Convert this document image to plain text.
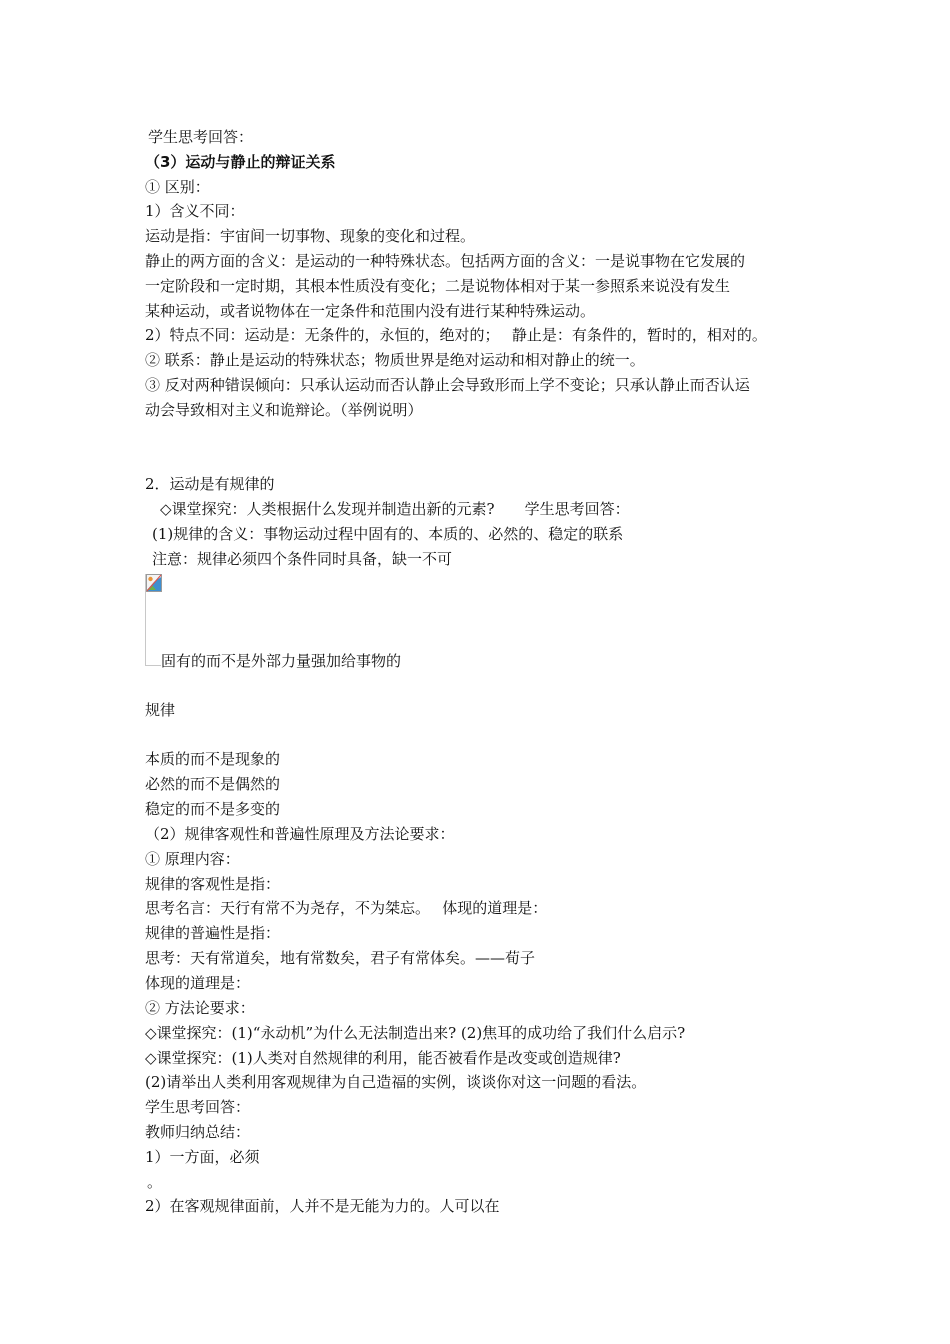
学生思考回答：
（3）运动与静止的辩证关系
① 区别：
1）含义不同：
运动是指：宇宙间一切事物、现象的变化和过程。
静止的两方面的含义：是运动的一种特殊状态。包括两方面的含义：一是说事物在它发展的
一定阶段和一定时期，其根本性质没有变化；二是说物体相对于某一参照系来说没有发生
某种运动，或者说物体在一定条件和范围内没有进行某种特殊运动。
2）特点不同：运动是：无条件的，永恒的，绝对的；　 静止是：有条件的，暂时的，相对的。
② 联系：静止是运动的特殊状态；物质世界是绝对运动和相对静止的统一。
③ 反对两种错误倾向：只承认运动而否认静止会导致形而上学不变论；只承认静止而否认运
动会导致相对主义和诡辩论。（举例说明）
2．运动是有规律的
◇课堂探究：人类根据什么发现并制造出新的元素?　　学生思考回答：
(1)规律的含义：事物运动过程中固有的、本质的、必然的、稳定的联系
注意：规律必须四个条件同时具备，缺一不可
固有的而不是外部力量强加给事物的
规律
本质的而不是现象的
必然的而不是偶然的
稳定的而不是多变的
（2）规律客观性和普遍性原理及方法论要求：
① 原理内容：
规律的客观性是指：
思考名言：天行有常不为尧存，不为桀忘。　 体现的道理是：
规律的普遍性是指：
思考：天有常道矣，地有常数矣，君子有常体矣。——荀子
体现的道理是：
② 方法论要求：
◇课堂探究：(1)“永动机”为什么无法制造出来? (2)焦耳的成功给了我们什么启示?
◇课堂探究：(1)人类对自然规律的利用，能否被看作是改变或创造规律?
(2)请举出人类利用客观规律为自己造福的实例，谈谈你对这一问题的看法。
学生思考回答：
教师归纳总结：
1）一方面，必须
。
2）在客观规律面前，人并不是无能为力的。人可以在
